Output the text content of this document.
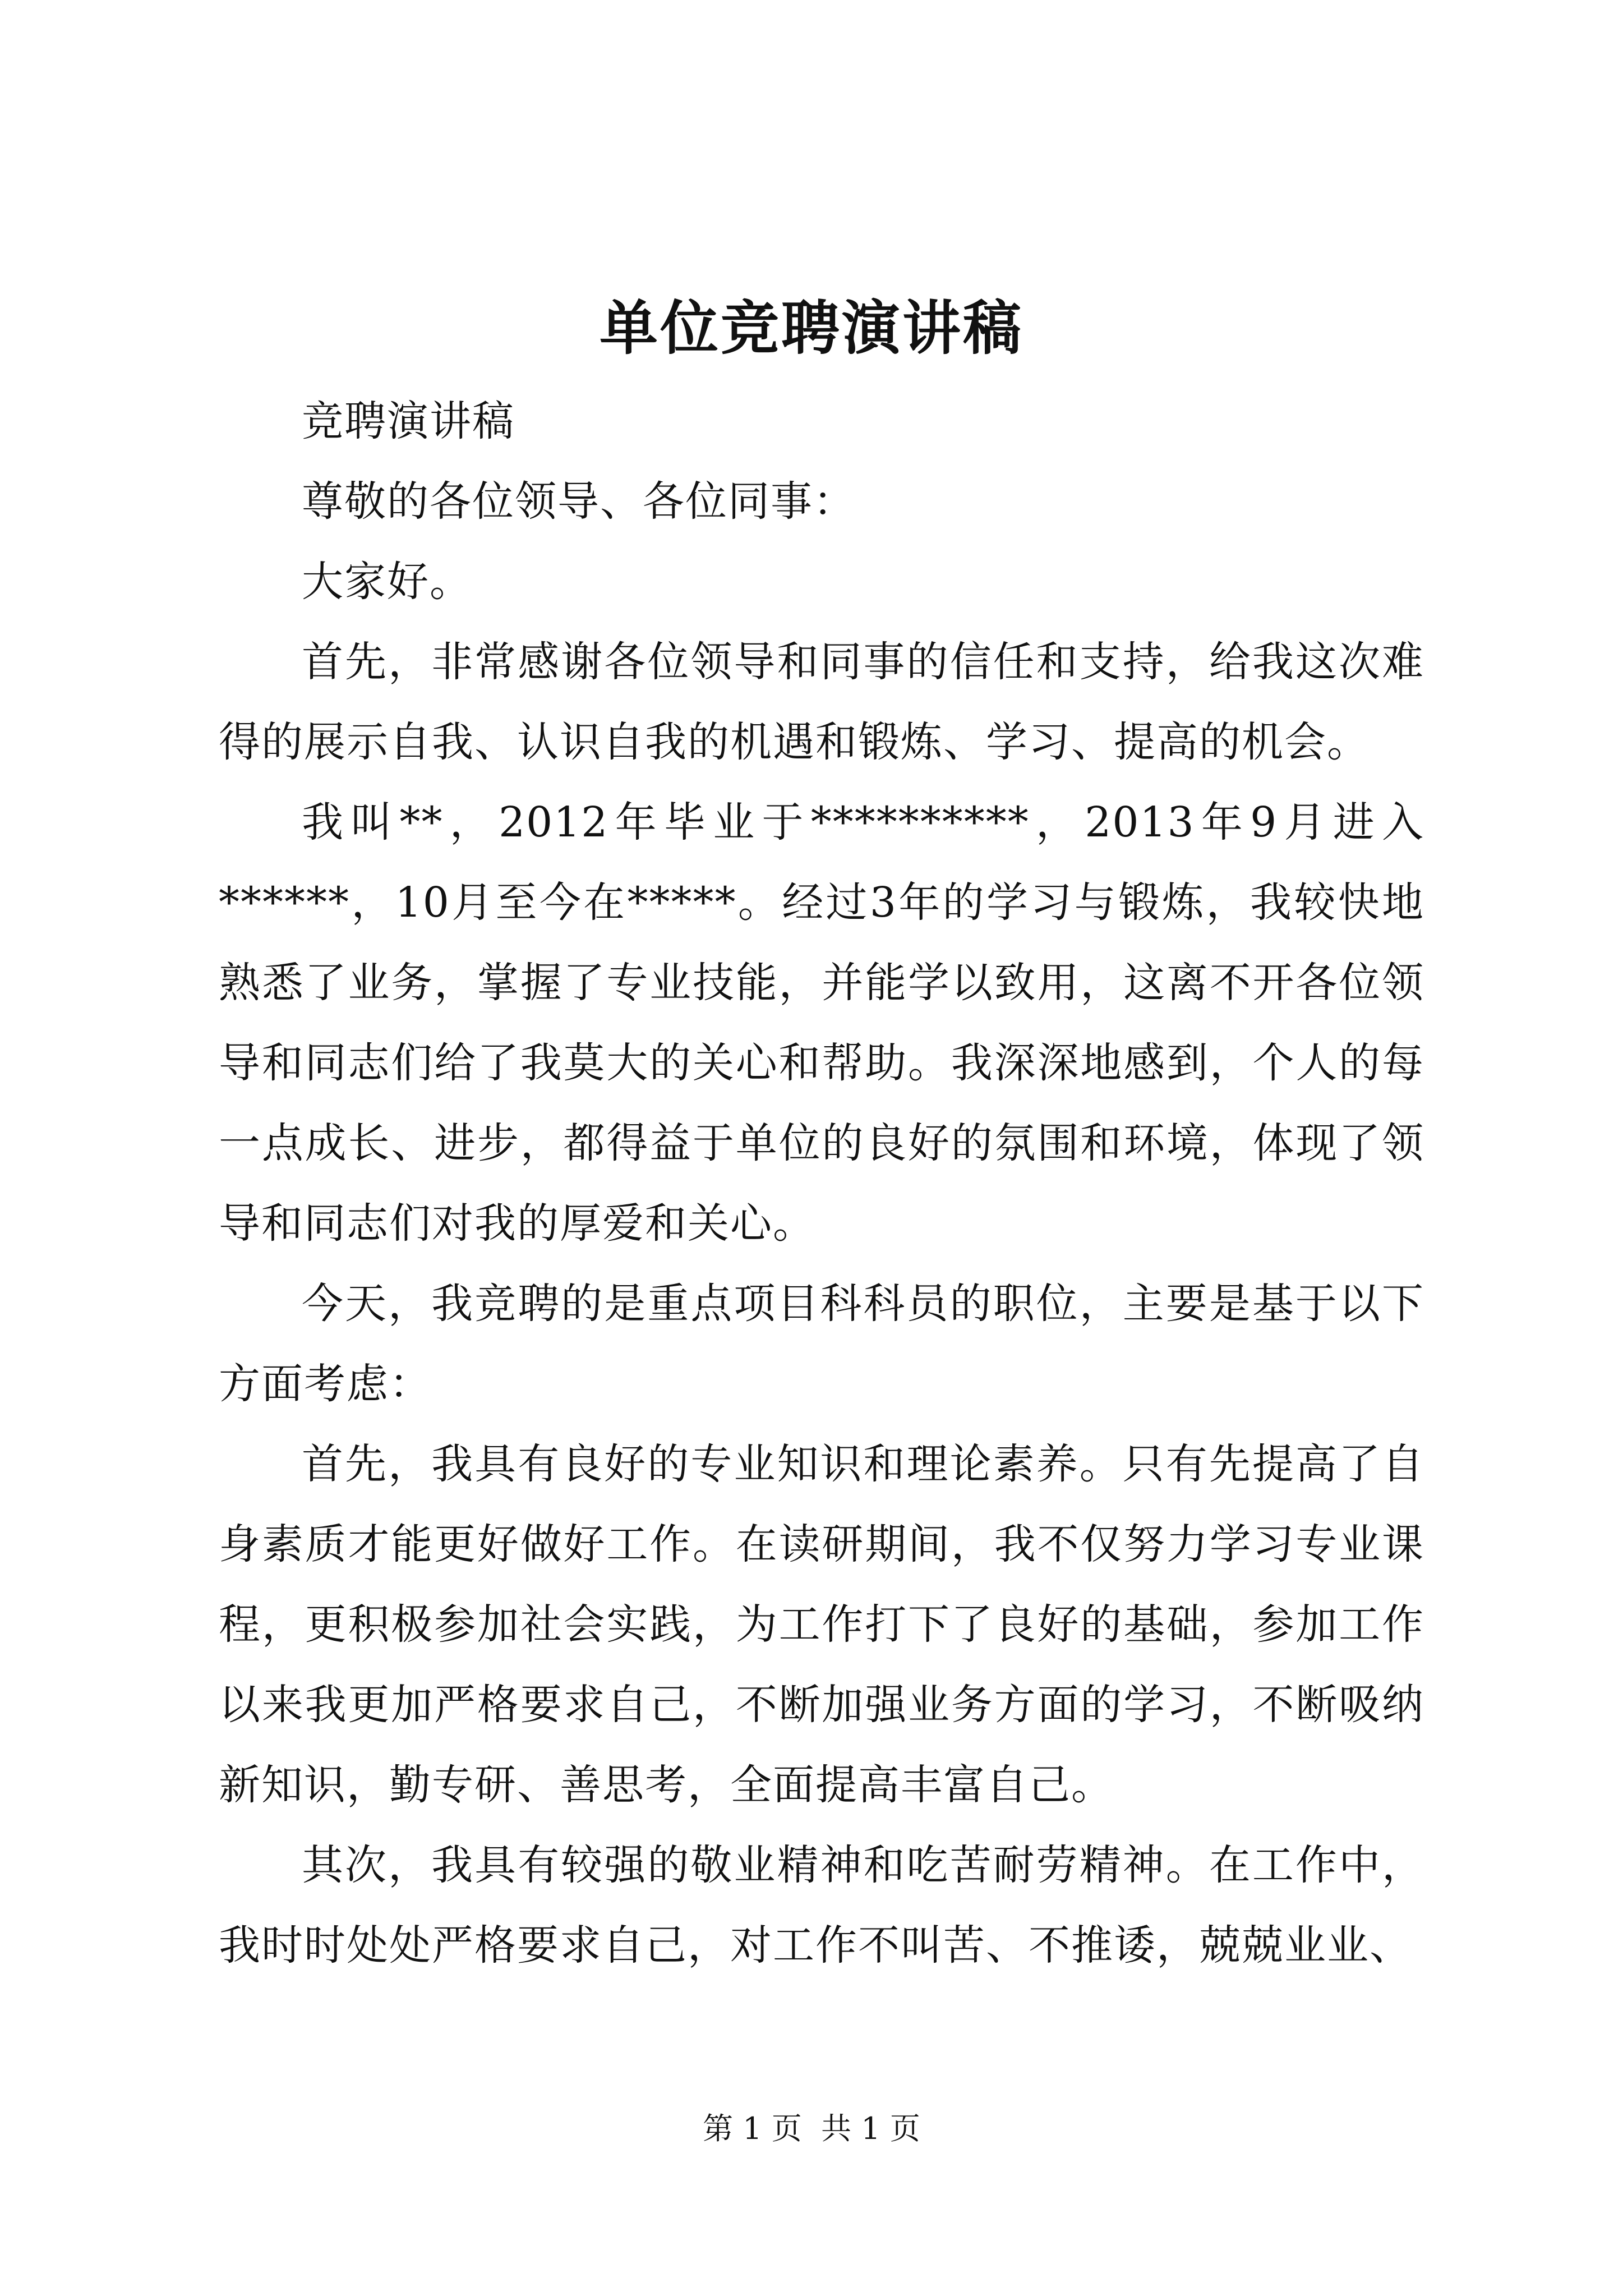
单位竞聘演讲稿

竞聘演讲稿

尊敬的各位领导、各位同事：

大家好。

首先，非常感谢各位领导和同事的信任和支持，给我这次难得的展示自我、认识自我的机遇和锻炼、学习、提高的机会。

我叫**，2012年毕业于**********，2013年9月进入******，10月至今在*****。经过3年的学习与锻炼，我较快地熟悉了业务，掌握了专业技能，并能学以致用，这离不开各位领导和同志们给了我莫大的关心和帮助。我深深地感到，个人的每一点成长、进步，都得益于单位的良好的氛围和环境，体现了领导和同志们对我的厚爱和关心。

今天，我竞聘的是重点项目科科员的职位，主要是基于以下方面考虑：

首先，我具有良好的专业知识和理论素养。只有先提高了自身素质才能更好做好工作。在读研期间，我不仅努力学习专业课程，更积极参加社会实践，为工作打下了良好的基础，参加工作以来我更加严格要求自己，不断加强业务方面的学习，不断吸纳新知识，勤专研、善思考，全面提高丰富自己。

其次，我具有较强的敬业精神和吃苦耐劳精神。在工作中，我时时处处严格要求自己，对工作不叫苦、不推诿，兢兢业业、

第 1 页  共 1 页
